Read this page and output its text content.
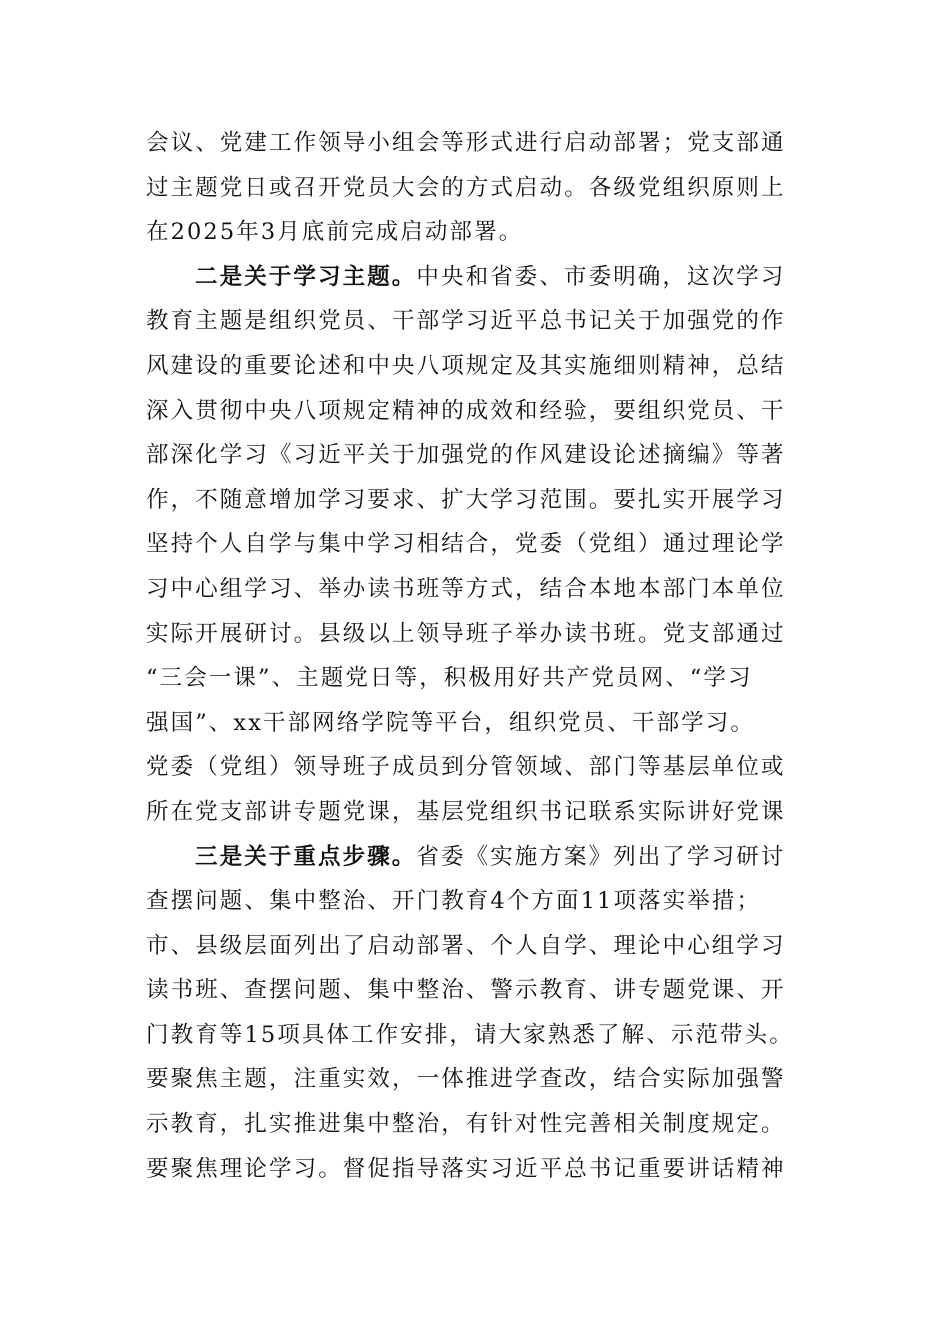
会议、党建工作领导小组会等形式进行启动部署；党支部通
过主题党日或召开党员大会的方式启动。各级党组织原则上
在2025年3月底前完成启动部署。
二是关于学习主题。中央和省委、市委明确，这次学习
教育主题是组织党员、干部学习近平总书记关于加强党的作
风建设的重要论述和中央八项规定及其实施细则精神，总结
深入贯彻中央八项规定精神的成效和经验，要组织党员、干
部深化学习《习近平关于加强党的作风建设论述摘编》等著
作，不随意增加学习要求、扩大学习范围。要扎实开展学习
坚持个人自学与集中学习相结合，党委（党组）通过理论学
习中心组学习、举办读书班等方式，结合本地本部门本单位
实际开展研讨。县级以上领导班子举办读书班。党支部通过
“三会一课”、主题党日等，积极用好共产党员网、“学习
强国”、xx干部网络学院等平台，组织党员、干部学习。
党委（党组）领导班子成员到分管领域、部门等基层单位或
所在党支部讲专题党课，基层党组织书记联系实际讲好党课
三是关于重点步骤。省委《实施方案》列出了学习研讨
查摆问题、集中整治、开门教育4个方面11项落实举措；
市、县级层面列出了启动部署、个人自学、理论中心组学习
读书班、查摆问题、集中整治、警示教育、讲专题党课、开
门教育等15项具体工作安排，请大家熟悉了解、示范带头。
要聚焦主题，注重实效，一体推进学查改，结合实际加强警
示教育，扎实推进集中整治，有针对性完善相关制度规定。
要聚焦理论学习。督促指导落实习近平总书记重要讲话精神
